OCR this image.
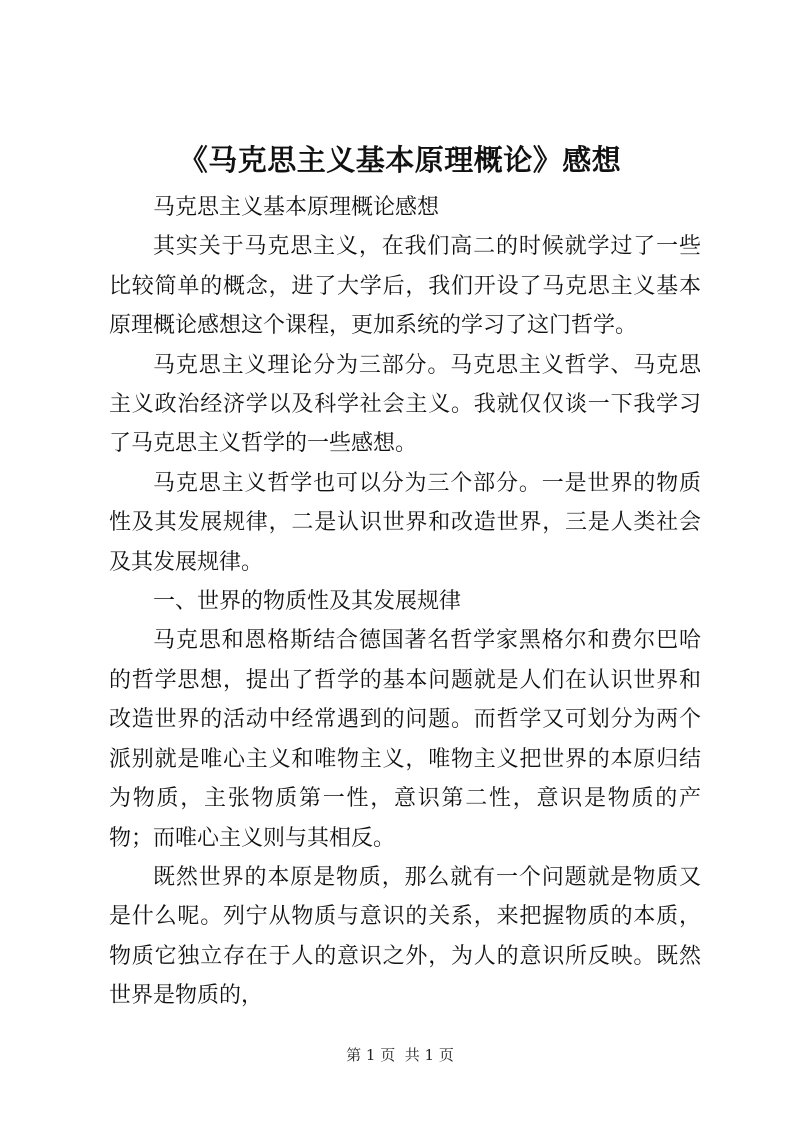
《马克思主义基本原理概论》感想

马克思主义基本原理概论感想

其实关于马克思主义，在我们高二的时候就学过了一些比较简单的概念，进了大学后，我们开设了马克思主义基本原理概论感想这个课程，更加系统的学习了这门哲学。

马克思主义理论分为三部分。马克思主义哲学、马克思主义政治经济学以及科学社会主义。我就仅仅谈一下我学习了马克思主义哲学的一些感想。

马克思主义哲学也可以分为三个部分。一是世界的物质性及其发展规律，二是认识世界和改造世界，三是人类社会及其发展规律。

一、世界的物质性及其发展规律

马克思和恩格斯结合德国著名哲学家黑格尔和费尔巴哈的哲学思想，提出了哲学的基本问题就是人们在认识世界和改造世界的活动中经常遇到的问题。而哲学又可划分为两个派别就是唯心主义和唯物主义，唯物主义把世界的本原归结为物质，主张物质第一性，意识第二性，意识是物质的产物；而唯心主义则与其相反。

既然世界的本原是物质，那么就有一个问题就是物质又是什么呢。列宁从物质与意识的关系，来把握物质的本质，物质它独立存在于人的意识之外，为人的意识所反映。既然世界是物质的，

第 1 页  共 1 页
